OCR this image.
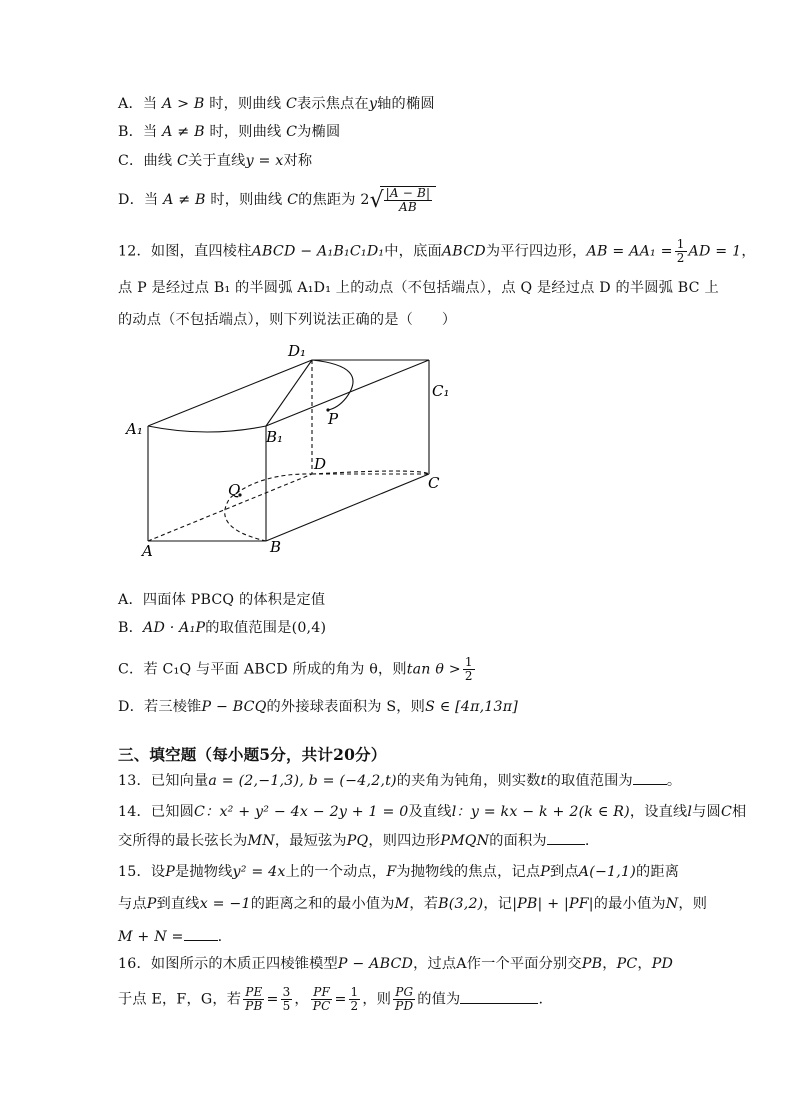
A．当 A > B 时，则曲线 C表示焦点在y轴的椭圆
B．当 A ≠ B 时，则曲线 C为椭圆
C．曲线 C关于直线y = x对称
D．当 A ≠ B 时，则曲线 C的焦距为 2 √ $\frac{|A - B|}{AB}$
12．如图，直四棱柱ABCD − A₁B₁C₁D₁中，底面ABCD为平行四边形，AB = $AA_1 = \frac{1}{2}$ AD = 1，
点 P 是经过点 B₁ 的半圆弧 A₁D₁ 上的动点（不包括端点），点 Q 是经过点 D 的半圆弧 BC 上
的动点（不包括端点），则下列说法正确的是（　　）
D₁
C₁
A₁	B₁
P
D
C
Q
A	B
A．四面体 PBCQ 的体积是定值
B．AD · A₁P的取值范围是(0,4)
C．若 C₁Q 与平面 ABCD 所成的角为 θ，则$\tan \theta > \frac{1}{2}$
D．若三棱锥P − BCQ的外接球表面积为 S，则S ∈ [4π,13π]
三、填空题（每小题5分，共计20分）
13．已知向量a = (2,−1,3), b = (−4,2,t)的夹角为钝角，则实数t的取值范围为 。
14．已知圆C：x² + y² − 4x − 2y + 1 = 0及直线l：y = kx − k + 2(k ∈ R)，设直线l与圆C相
交所得的最长弦长为MN，最短弦为PQ，则四边形PMQN的面积为	.
15．设P是抛物线y² = 4x上的一个动点，F为抛物线的焦点，记点P到点A(−1,1)的距离
与点P到直线x = −1的距离之和的最小值为M，若B(3,2)，记|PB| + |PF|的最小值为N，则
M + N = .
16．如图所示的木质正四棱锥模型P − ABCD，过点A作一个平面分别交PB，PC，PD
于点 E，F，G，若 $\frac{PE}{PB} = \frac{3}{5}$ ， $\frac{PF}{PC} = \frac{1}{2}$ ，则 $\frac{PG}{PD}$ 的值为	.
